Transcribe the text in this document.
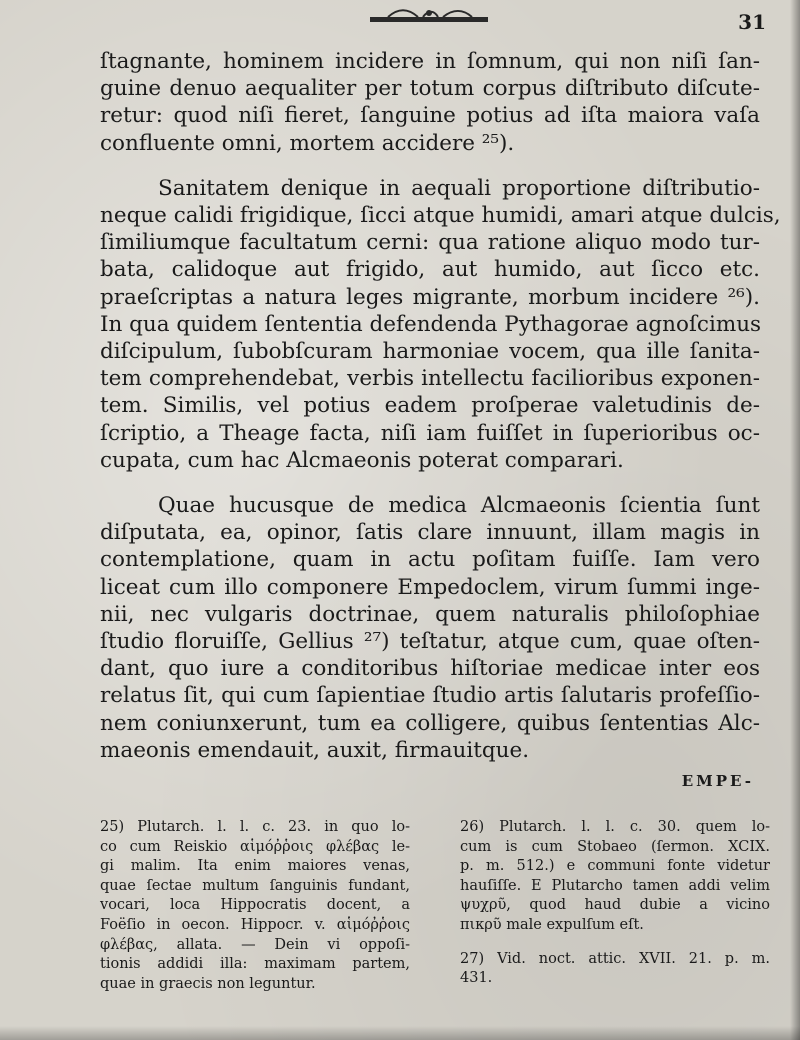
31
ſtagnante, hominem incidere in ſomnum, qui non niſi ſan-
guine denuo aequaliter per totum corpus diſtributo diſcute-
retur: quod niſi fieret, ſanguine potius ad iſta maiora vaſa
confluente omni, mortem accidere ²⁵).
Sanitatem denique in aequali proportione diſtributio-
neque calidi frigidique, ſicci atque humidi, amari atque dulcis,
ſimiliumque facultatum cerni: qua ratione aliquo modo tur-
bata, calidoque aut frigido, aut humido, aut ſicco etc.
praeſcriptas a natura leges migrante, morbum incidere ²⁶).
In qua quidem ſententia defendenda Pythagorae agnoſcimus
diſcipulum, ſubobſcuram harmoniae vocem, qua ille ſanita-
tem comprehendebat, verbis intellectu facilioribus exponen-
tem. Similis, vel potius eadem proſperae valetudinis de-
ſcriptio, a Theage facta, niſi iam fuiſſet in ſuperioribus oc-
cupata, cum hac Alcmaeonis poterat comparari.
Quae hucusque de medica Alcmaeonis ſcientia ſunt
diſputata, ea, opinor, ſatis clare innuunt, illam magis in
contemplatione, quam in actu poſitam fuiſſe. Iam vero
liceat cum illo componere Empedoclem, virum ſummi inge-
nii, nec vulgaris doctrinae, quem naturalis philoſophiae
ſtudio floruiſſe, Gellius ²⁷) teſtatur, atque cum, quae oſten-
dant, quo iure a conditoribus hiſtoriae medicae inter eos
relatus ſit, qui cum ſapientiae ſtudio artis ſalutaris profeſſio-
nem coniunxerunt, tum ea colligere, quibus ſententias Alc-
maeonis emendauit, auxit, firmauitque.
EMPE-
25) Plutarch. l. l. c. 23. in quo lo-
co cum Reiskio αἱμόῤῥοις φλέβας le-
gi malim. Ita enim maiores venas,
quae ſectae multum ſanguinis fundant,
vocari, loca Hippocratis docent, a
Foëſio in oecon. Hippocr. v. αἱμόῤῥοις
φλέβας, allata. — Dein vi oppoſi-
tionis addidi illa: maximam partem,
quae in graecis non leguntur.
26) Plutarch. l. l. c. 30. quem lo-
cum is cum Stobaeo (ſermon. XCIX.
p. m. 512.) e communi fonte videtur
hauſiſſe. E Plutarcho tamen addi velim
ψυχρῦ, quod haud dubie a vicino
πικρῦ male expulſum eſt.
27) Vid. noct. attic. XVII. 21. p. m.
431.
